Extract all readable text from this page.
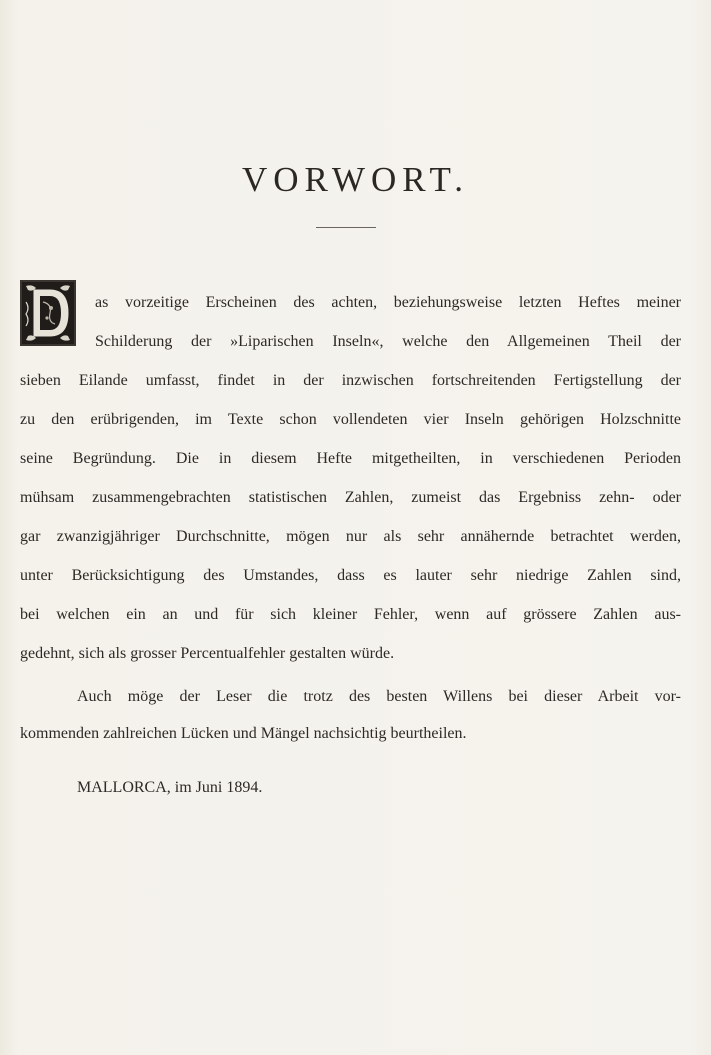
VORWORT.
as vorzeitige Erscheinen des achten, beziehungsweise letzten Heftes meiner
Schilderung der »Liparischen Inseln«, welche den Allgemeinen Theil der
sieben Eilande umfasst, findet in der inzwischen fortschreitenden Fertigstellung der
zu den erübrigenden, im Texte schon vollendeten vier Inseln gehörigen Holzschnitte
seine Begründung. Die in diesem Hefte mitgetheilten, in verschiedenen Perioden
mühsam zusammengebrachten statistischen Zahlen, zumeist das Ergebniss zehn- oder
gar zwanzigjähriger Durchschnitte, mögen nur als sehr annähernde betrachtet werden,
unter Berücksichtigung des Umstandes, dass es lauter sehr niedrige Zahlen sind,
bei welchen ein an und für sich kleiner Fehler, wenn auf grössere Zahlen aus-
gedehnt, sich als grosser Percentualfehler gestalten würde.
Auch möge der Leser die trotz des besten Willens bei dieser Arbeit vor-
kommenden zahlreichen Lücken und Mängel nachsichtig beurtheilen.
MALLORCA, im Juni 1894.
